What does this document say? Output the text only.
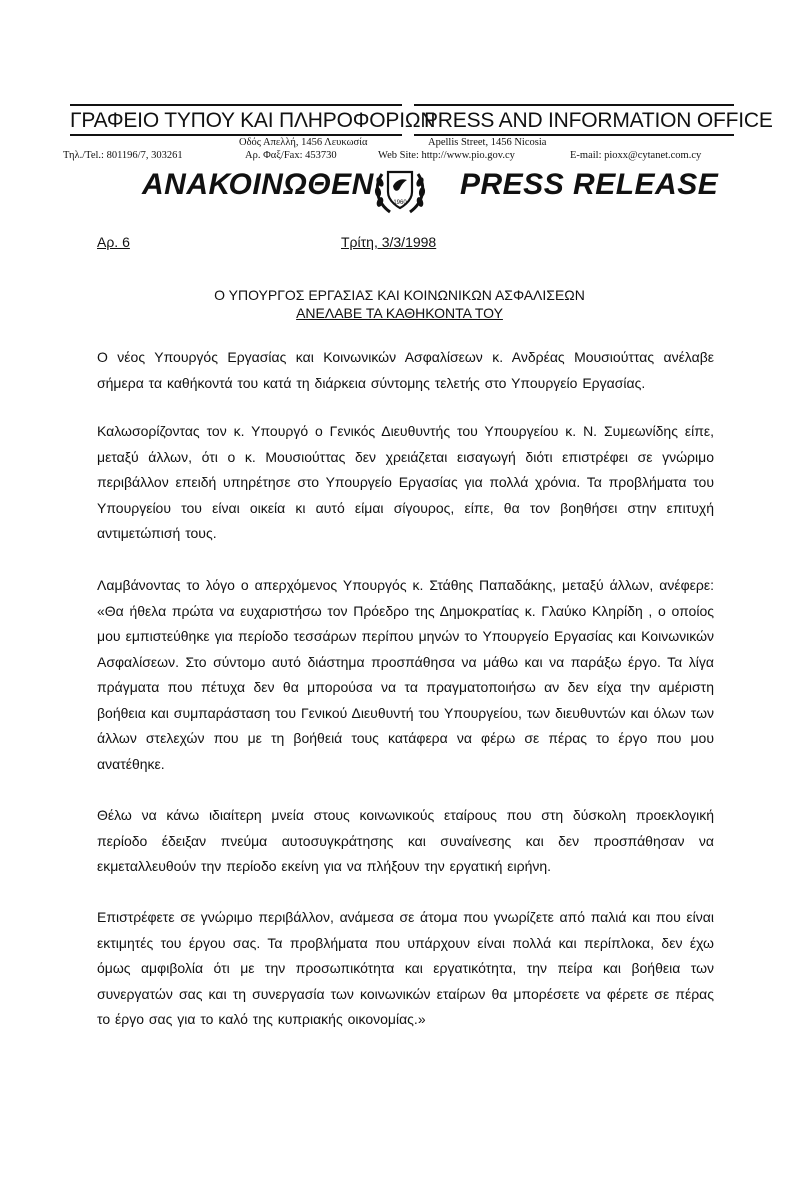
ΓΡΑΦΕΙΟ ΤΥΠΟΥ ΚΑΙ ΠΛΗΡΟΦΟΡΙΩΝ
PRESS AND INFORMATION OFFICE
Οδός Απελλή, 1456 Λευκωσία	Apellis Street, 1456 Nicosia
Τηλ./Tel.: 801196/7, 303261	Αρ. Φαξ/Fax: 453730	Web Site: http://www.pio.gov.cy	E-mail: pioxx@cytanet.com.cy
ΑΝΑΚΟΙΝΩΘΕΝ
1960
PRESS RELEASE
Αρ. 6	Τρίτη, 3/3/1998
Ο ΥΠΟΥΡΓΟΣ ΕΡΓΑΣΙΑΣ ΚΑΙ ΚΟΙΝΩΝΙΚΩΝ ΑΣΦΑΛΙΣΕΩΝ
ΑΝΕΛΑΒΕ ΤΑ ΚΑΘΗΚΟΝΤΑ ΤΟΥ
Ο νέος Υπουργός Εργασίας και Κοινωνικών Ασφαλίσεων κ. Ανδρέας Μουσιούττας ανέλαβε σήμερα τα καθήκοντά του κατά τη διάρκεια σύντομης τελετής στο Υπουργείο Εργασίας.
Καλωσορίζοντας τον κ. Υπουργό ο Γενικός Διευθυντής του Υπουργείου κ. Ν. Συμεωνίδης είπε, μεταξύ άλλων, ότι ο κ. Μουσιούττας δεν χρειάζεται εισαγωγή διότι επιστρέφει σε γνώριμο περιβάλλον επειδή υπηρέτησε στο Υπουργείο Εργασίας για πολλά χρόνια. Τα προβλήματα του Υπουργείου του είναι οικεία κι αυτό είμαι σίγουρος, είπε, θα τον βοηθήσει στην επιτυχή αντιμετώπισή τους.
Λαμβάνοντας το λόγο ο απερχόμενος Υπουργός κ. Στάθης Παπαδάκης, μεταξύ άλλων, ανέφερε: «Θα ήθελα πρώτα να ευχαριστήσω τον Πρόεδρο της Δημοκρατίας κ. Γλαύκο Κληρίδη , ο οποίος μου εμπιστεύθηκε για περίοδο τεσσάρων περίπου μηνών το Υπουργείο Εργασίας και Κοινωνικών Ασφαλίσεων. Στο σύντομο αυτό διάστημα προσπάθησα να μάθω και να παράξω έργο. Τα λίγα πράγματα που πέτυχα δεν θα μπορούσα να τα πραγματοποιήσω αν δεν είχα την αμέριστη βοήθεια και συμπαράσταση του Γενικού Διευθυντή του Υπουργείου, των διευθυντών και όλων των άλλων στελεχών που με τη βοήθειά τους κατάφερα να φέρω σε πέρας το έργο που μου ανατέθηκε.
Θέλω να κάνω ιδιαίτερη μνεία στους κοινωνικούς εταίρους που στη δύσκολη προεκλογική περίοδο έδειξαν πνεύμα αυτοσυγκράτησης και συναίνεσης και δεν προσπάθησαν να εκμεταλλευθούν την περίοδο εκείνη για να πλήξουν την εργατική ειρήνη.
Επιστρέφετε σε γνώριμο περιβάλλον, ανάμεσα σε άτομα που γνωρίζετε από παλιά και που είναι εκτιμητές του έργου σας. Τα προβλήματα που υπάρχουν είναι πολλά και περίπλοκα, δεν έχω όμως αμφιβολία ότι με την προσωπικότητα και εργατικότητα, την πείρα και βοήθεια των συνεργατών σας και τη συνεργασία των κοινωνικών εταίρων θα μπορέσετε να φέρετε σε πέρας το έργο σας για το καλό της κυπριακής οικονομίας.»
